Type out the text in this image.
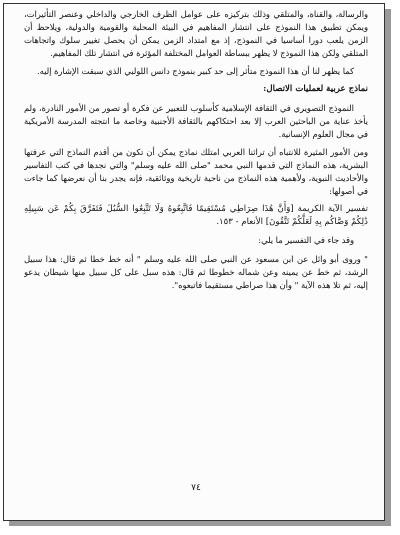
والرسالة، والقناة، والمتلقي وذلك بتركيزه على عوامل الظرف الخارجي والداخلي وعنصر التأثيرات، ويمكن تطبيق هذا النموذج على انتشار المفاهيم في البيئة المحلية والقومية والدولية، ويلاحظ أن الزمن يلعب دورا أساسيا في النموذج، إذ مع امتداد الزمن يمكن أن يحصل تغيير سلوك واتجاهات المتلقي ولكن هذا النموذج لا يظهر ببساطة العوامل المختلفة المؤثرة في انتشار تلك المفاهيم.

كما يظهر لنا أن هذا النموذج متأثر إلى حد كبير بنموذج دانس اللولبي الذي سبقت الإشارة إليه.

نماذج عربية لعمليات الاتصال:

النموذج التصويري في الثقافة الإسلامية كأسلوب للتعبير عن فكرة أو تصور من الأمور النادرة، ولم يأخذ عناية من الباحثين العرب إلا بعد احتكاكهم بالثقافة الأجنبية وخاصة ما انتجته المدرسة الأمريكية في مجال العلوم الإنسانية.

ومن الأمور المثيرة للانتباه أن تراثنا العربي امتلك نماذج يمكن أن تكون من أقدم النماذج التي عرفتها البشرية، هذه النماذج التي قدمها النبي محمد "صلى الله عليه وسلم" والتي نجدها في كتب التفاسير والأحاديث النبوية، ولأهمية هذه النماذج من ناحية تاريخية ووثائقية، فإنه يجدر بنا أن نعرضها كما جاءت في أصولها:

تفسير الآية الكريمة [وَأَنَّ هَٰذَا صِرَاطِي مُسْتَقِيمًا فَاتَّبِعُوهُ وَلَا تَتَّبِعُوا السُّبُلَ فَتَفَرَّقَ بِكُمْ عَن سَبِيلِهِ ذَٰلِكُمْ وَصَّاكُم بِهِ لَعَلَّكُمْ تَتَّقُونَ] الأنعام - ١٥٣.

وقد جاء في التفسير ما يلي:

" وروى أبو وائل عن ابن مسعود عن النبي صلى الله عليه وسلم " أنه خط خطا ثم قال: هذا سبيل الرشد، ثم خط عن يمينه وعن شماله خطوطا ثم قال: هذه سبل على كل سبيل منها شيطان يدعو إليه، ثم تلا هذه الآية " وأن هذا صراطي مستقيما فاتبعوه".

٧٤
